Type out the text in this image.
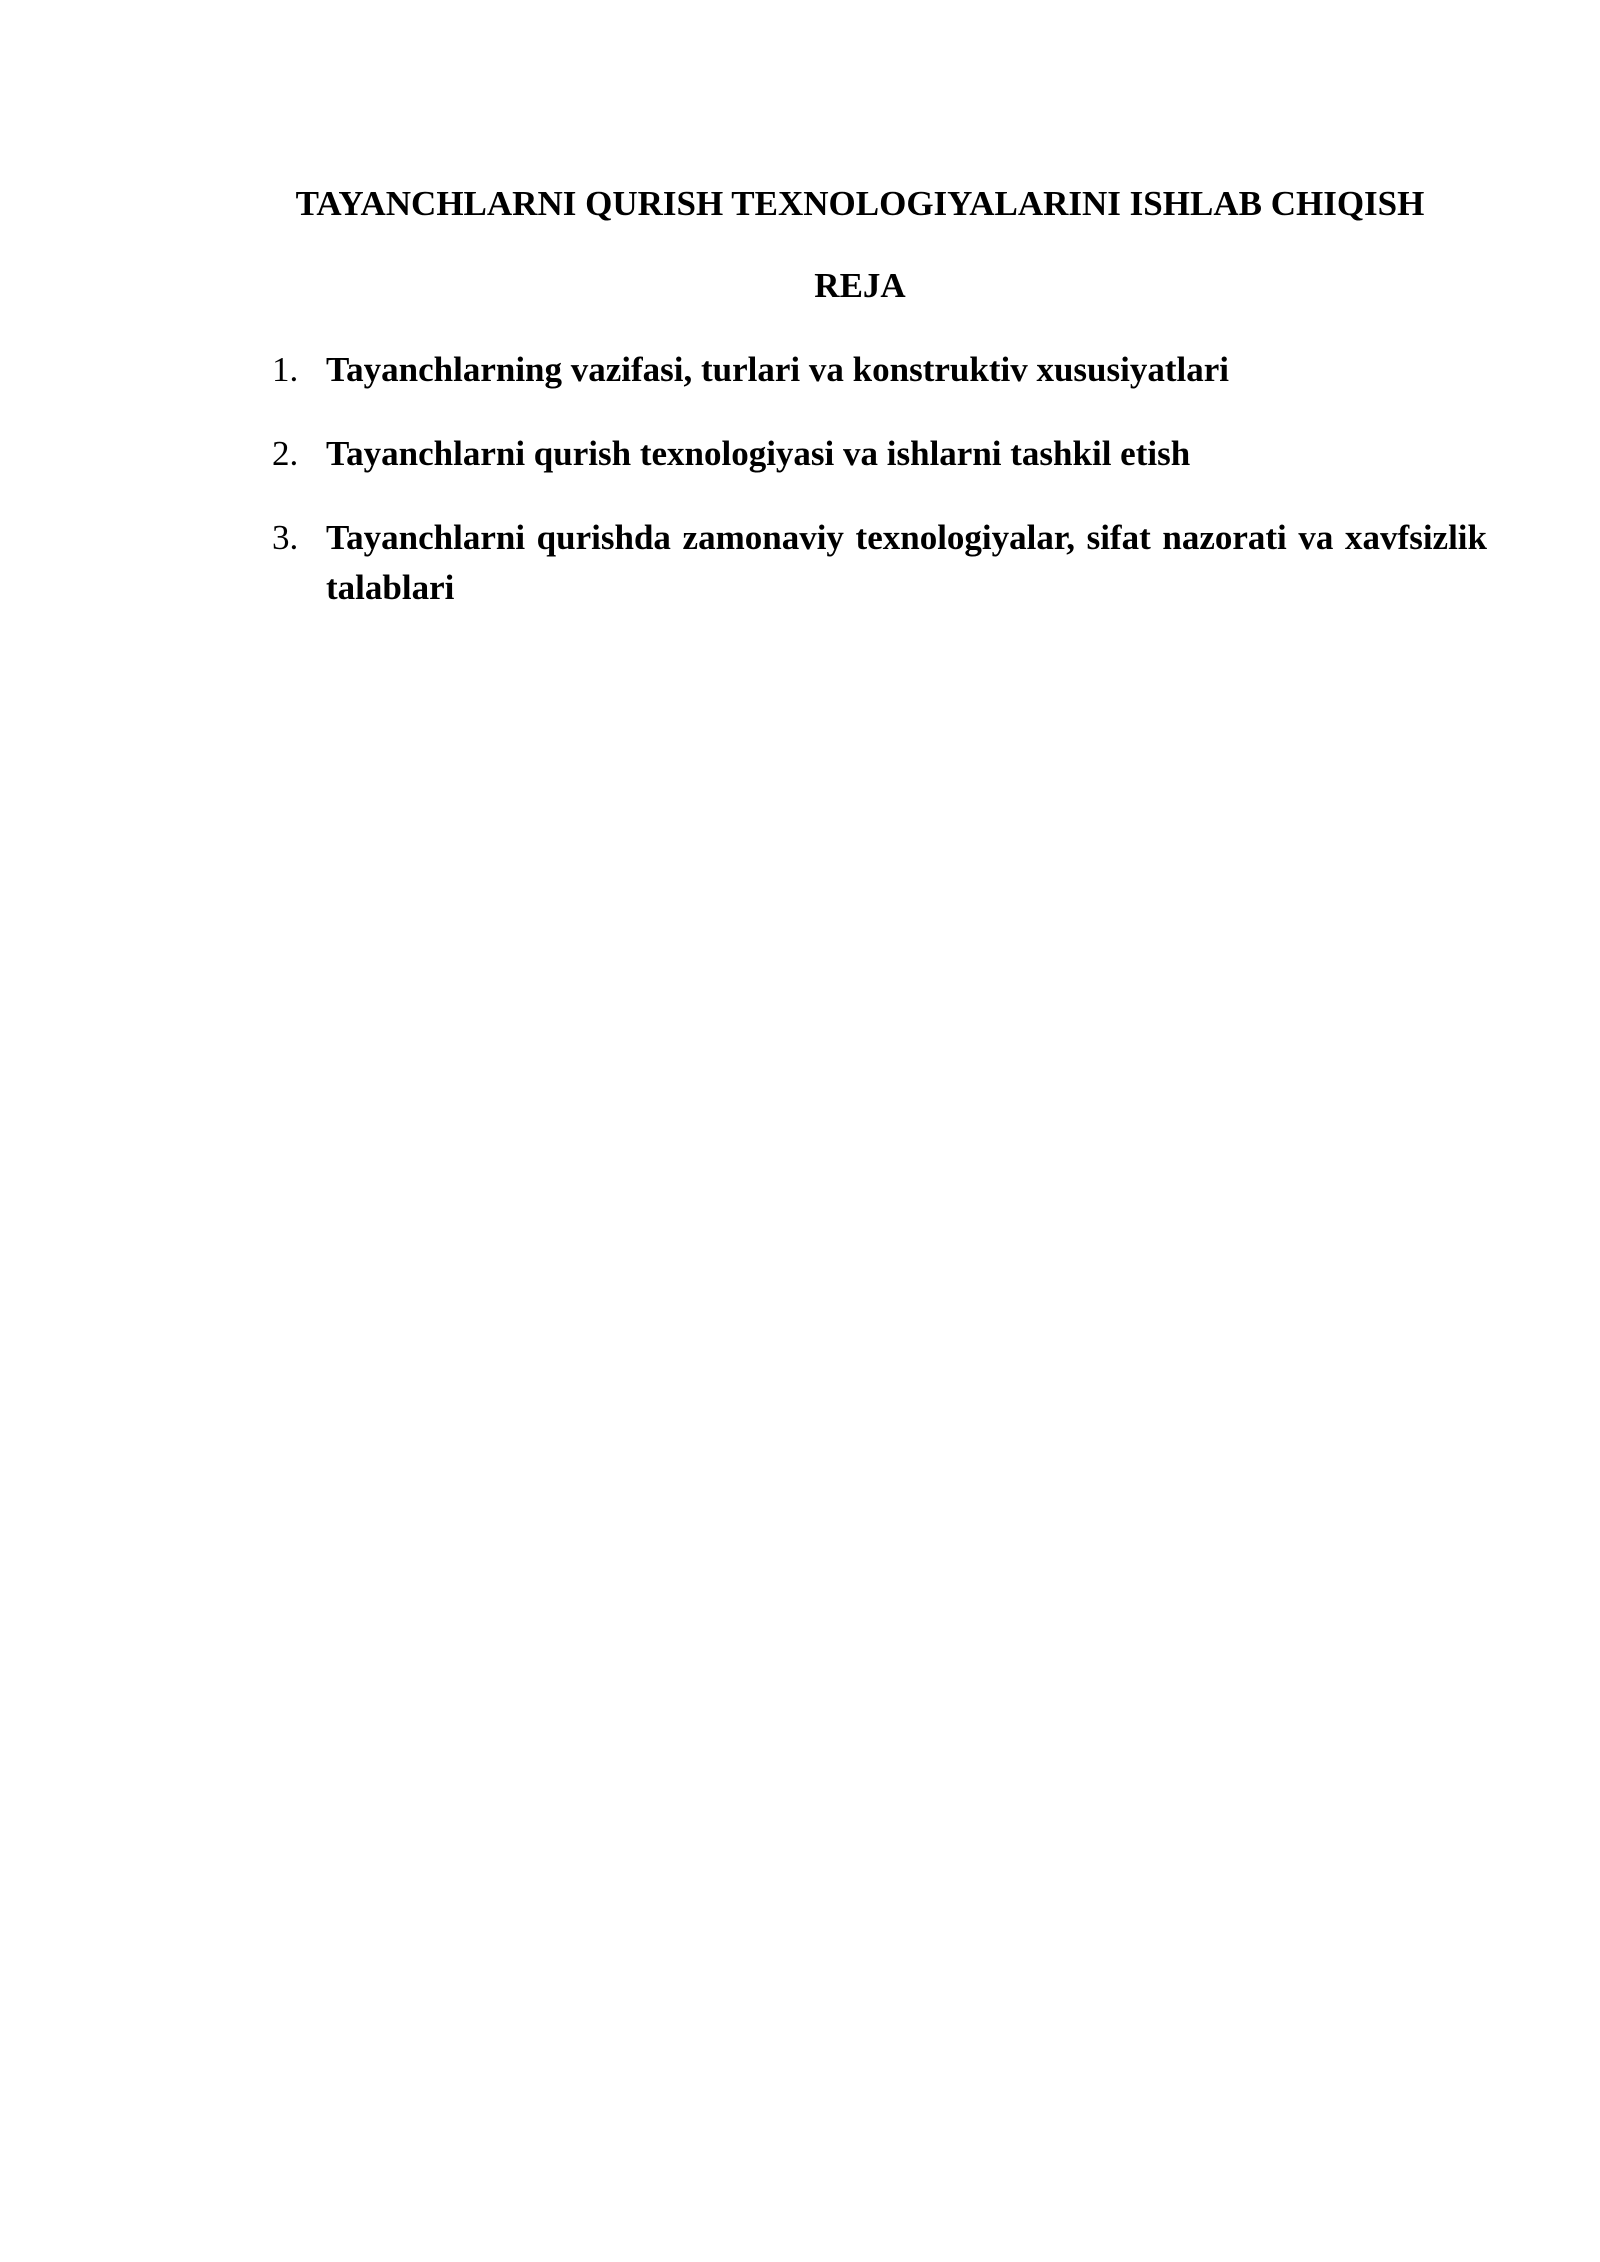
TAYANCHLARNI QURISH TEXNOLOGIYALARINI ISHLAB CHIQISH
REJA
1. Tayanchlarning vazifasi, turlari va konstruktiv xususiyatlari
2. Tayanchlarni qurish texnologiyasi va ishlarni tashkil etish
3. Tayanchlarni qurishda zamonaviy texnologiyalar, sifat nazorati va xavfsizlik talablari
